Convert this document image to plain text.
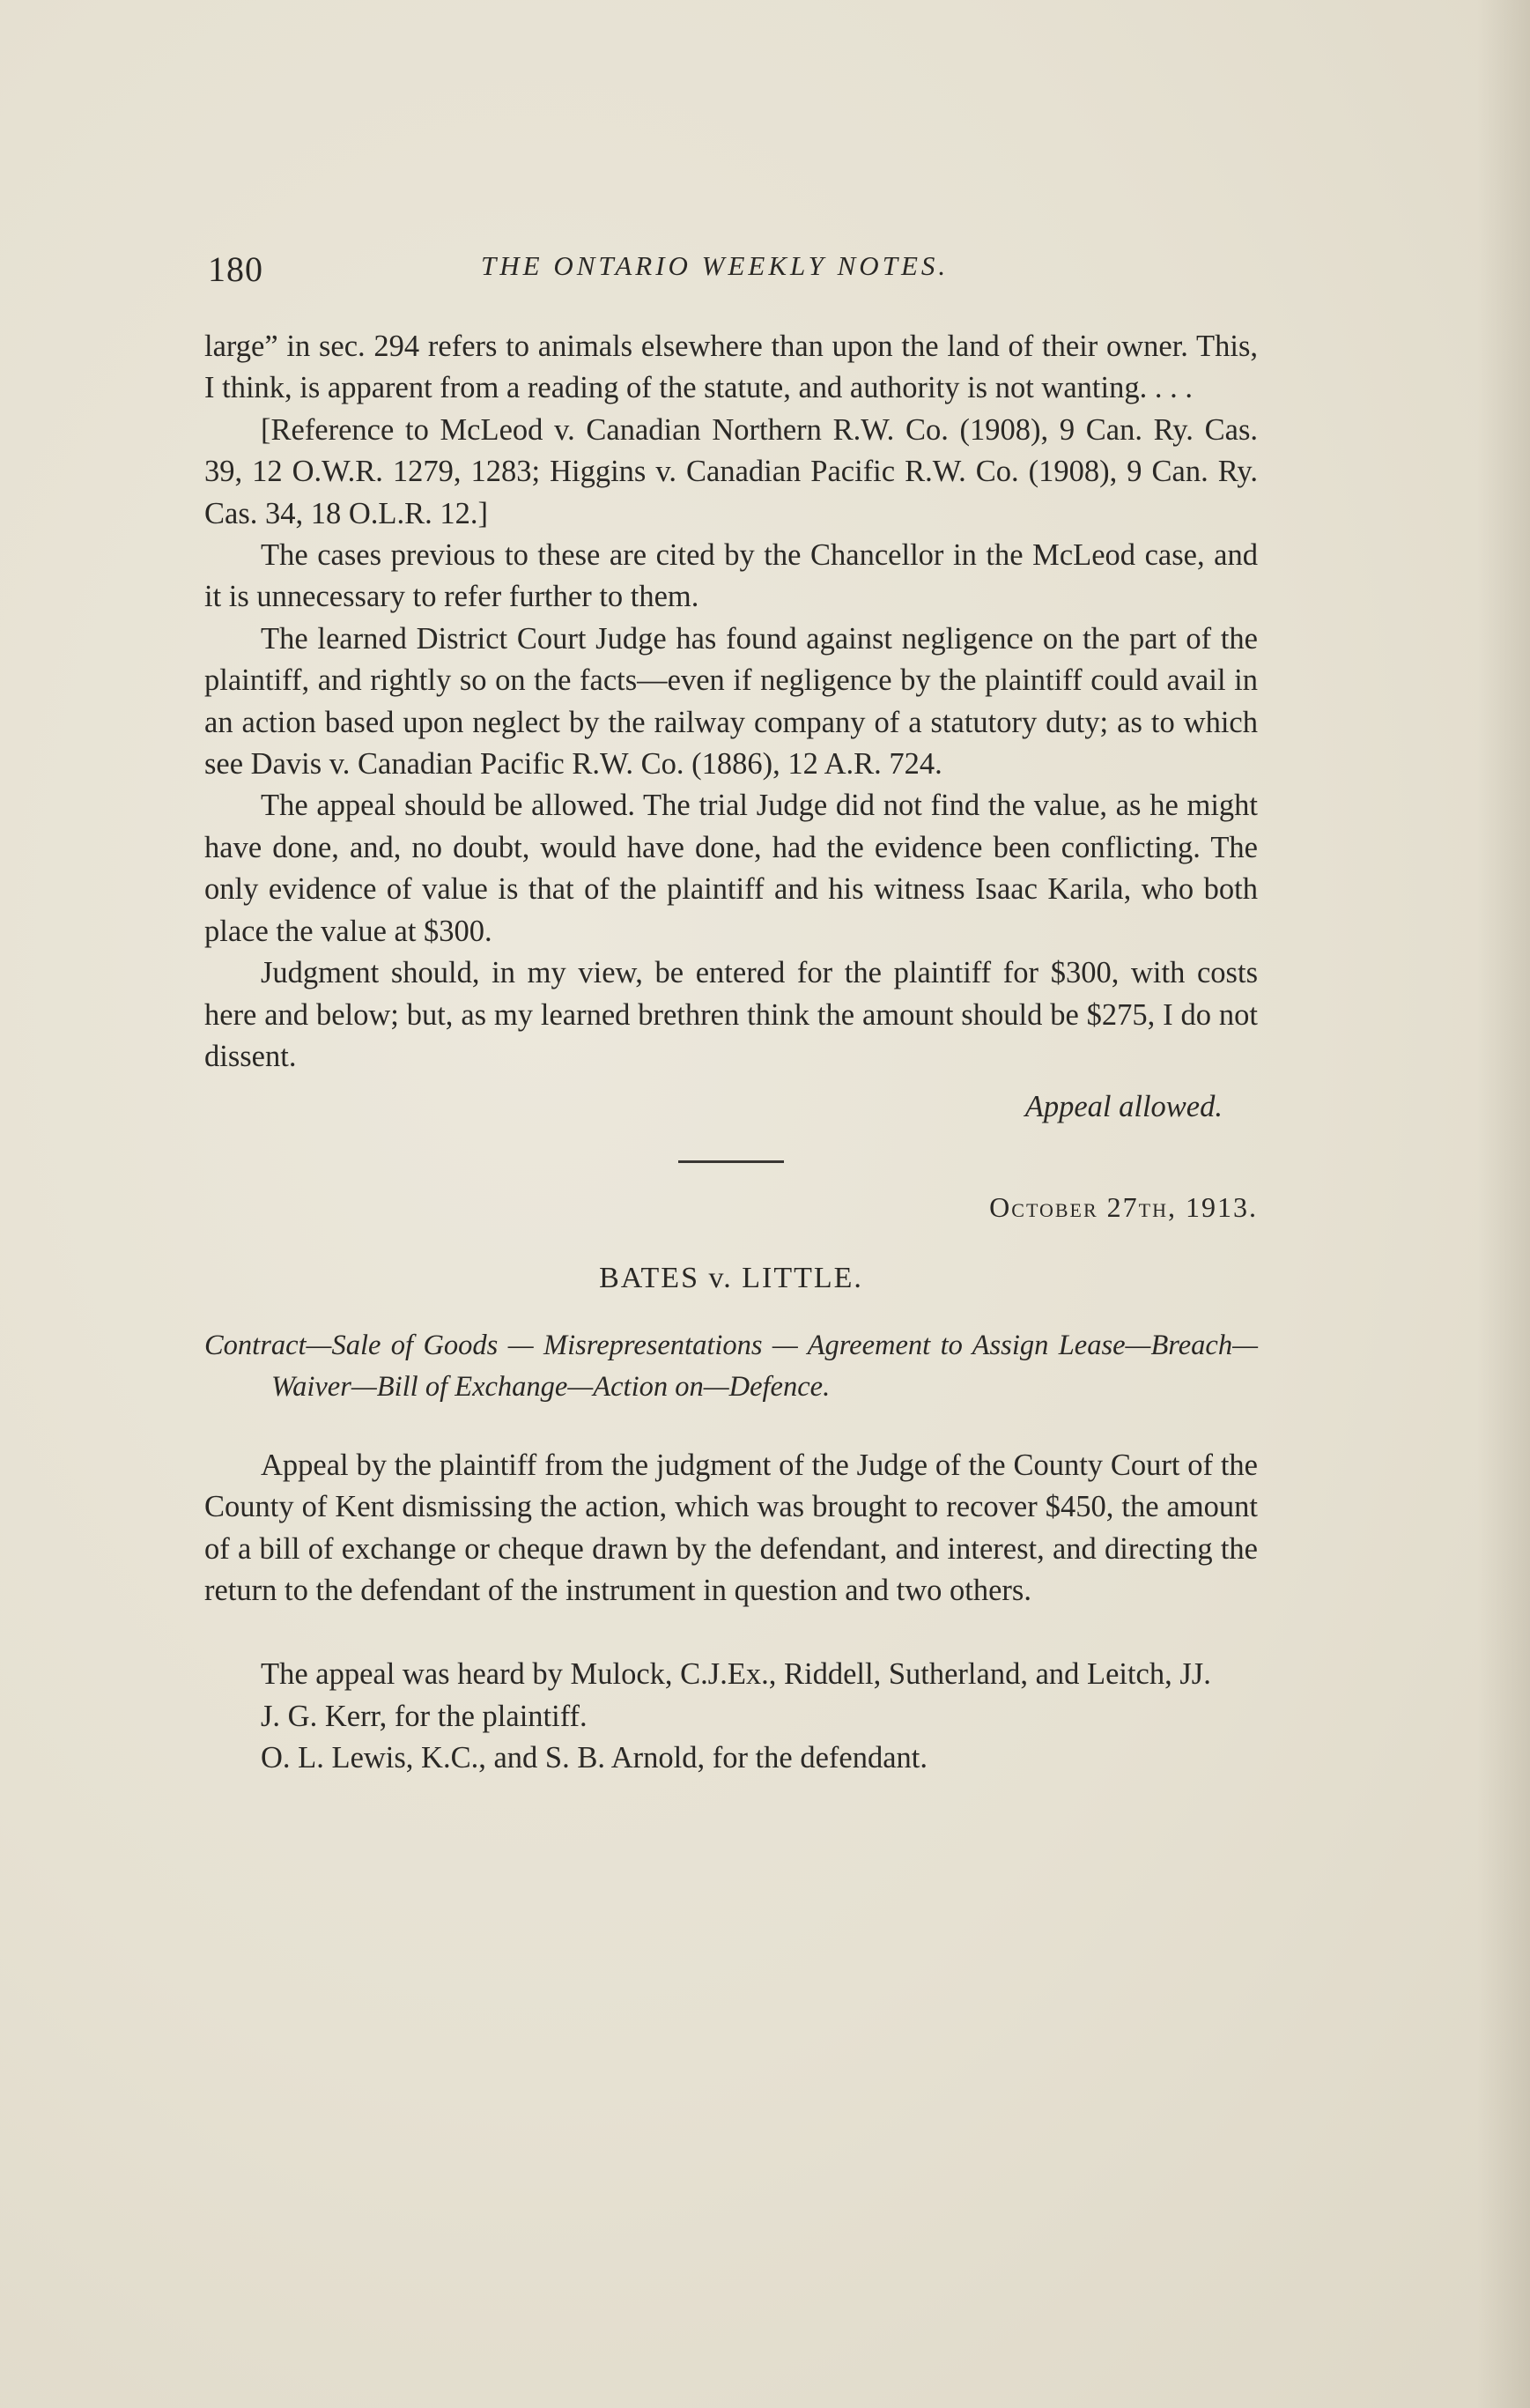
180	THE ONTARIO WEEKLY NOTES.

large” in sec. 294 refers to animals elsewhere than upon the land of their owner. This, I think, is apparent from a reading of the statute, and authority is not wanting. . . .

[Reference to McLeod v. Canadian Northern R.W. Co. (1908), 9 Can. Ry. Cas. 39, 12 O.W.R. 1279, 1283; Higgins v. Canadian Pacific R.W. Co. (1908), 9 Can. Ry. Cas. 34, 18 O.L.R. 12.]

The cases previous to these are cited by the Chancellor in the McLeod case, and it is unnecessary to refer further to them.

The learned District Court Judge has found against negligence on the part of the plaintiff, and rightly so on the facts—even if negligence by the plaintiff could avail in an action based upon neglect by the railway company of a statutory duty; as to which see Davis v. Canadian Pacific R.W. Co. (1886), 12 A.R. 724.

The appeal should be allowed. The trial Judge did not find the value, as he might have done, and, no doubt, would have done, had the evidence been conflicting. The only evidence of value is that of the plaintiff and his witness Isaac Karila, who both place the value at $300.

Judgment should, in my view, be entered for the plaintiff for $300, with costs here and below; but, as my learned brethren think the amount should be $275, I do not dissent.

Appeal allowed.

October 27th, 1913.

BATES v. LITTLE.

Contract—Sale of Goods — Misrepresentations — Agreement to Assign Lease—Breach—Waiver—Bill of Exchange—Action on—Defence.

Appeal by the plaintiff from the judgment of the Judge of the County Court of the County of Kent dismissing the action, which was brought to recover $450, the amount of a bill of exchange or cheque drawn by the defendant, and interest, and directing the return to the defendant of the instrument in question and two others.

The appeal was heard by Mulock, C.J.Ex., Riddell, Sutherland, and Leitch, JJ.

J. G. Kerr, for the plaintiff.

O. L. Lewis, K.C., and S. B. Arnold, for the defendant.
